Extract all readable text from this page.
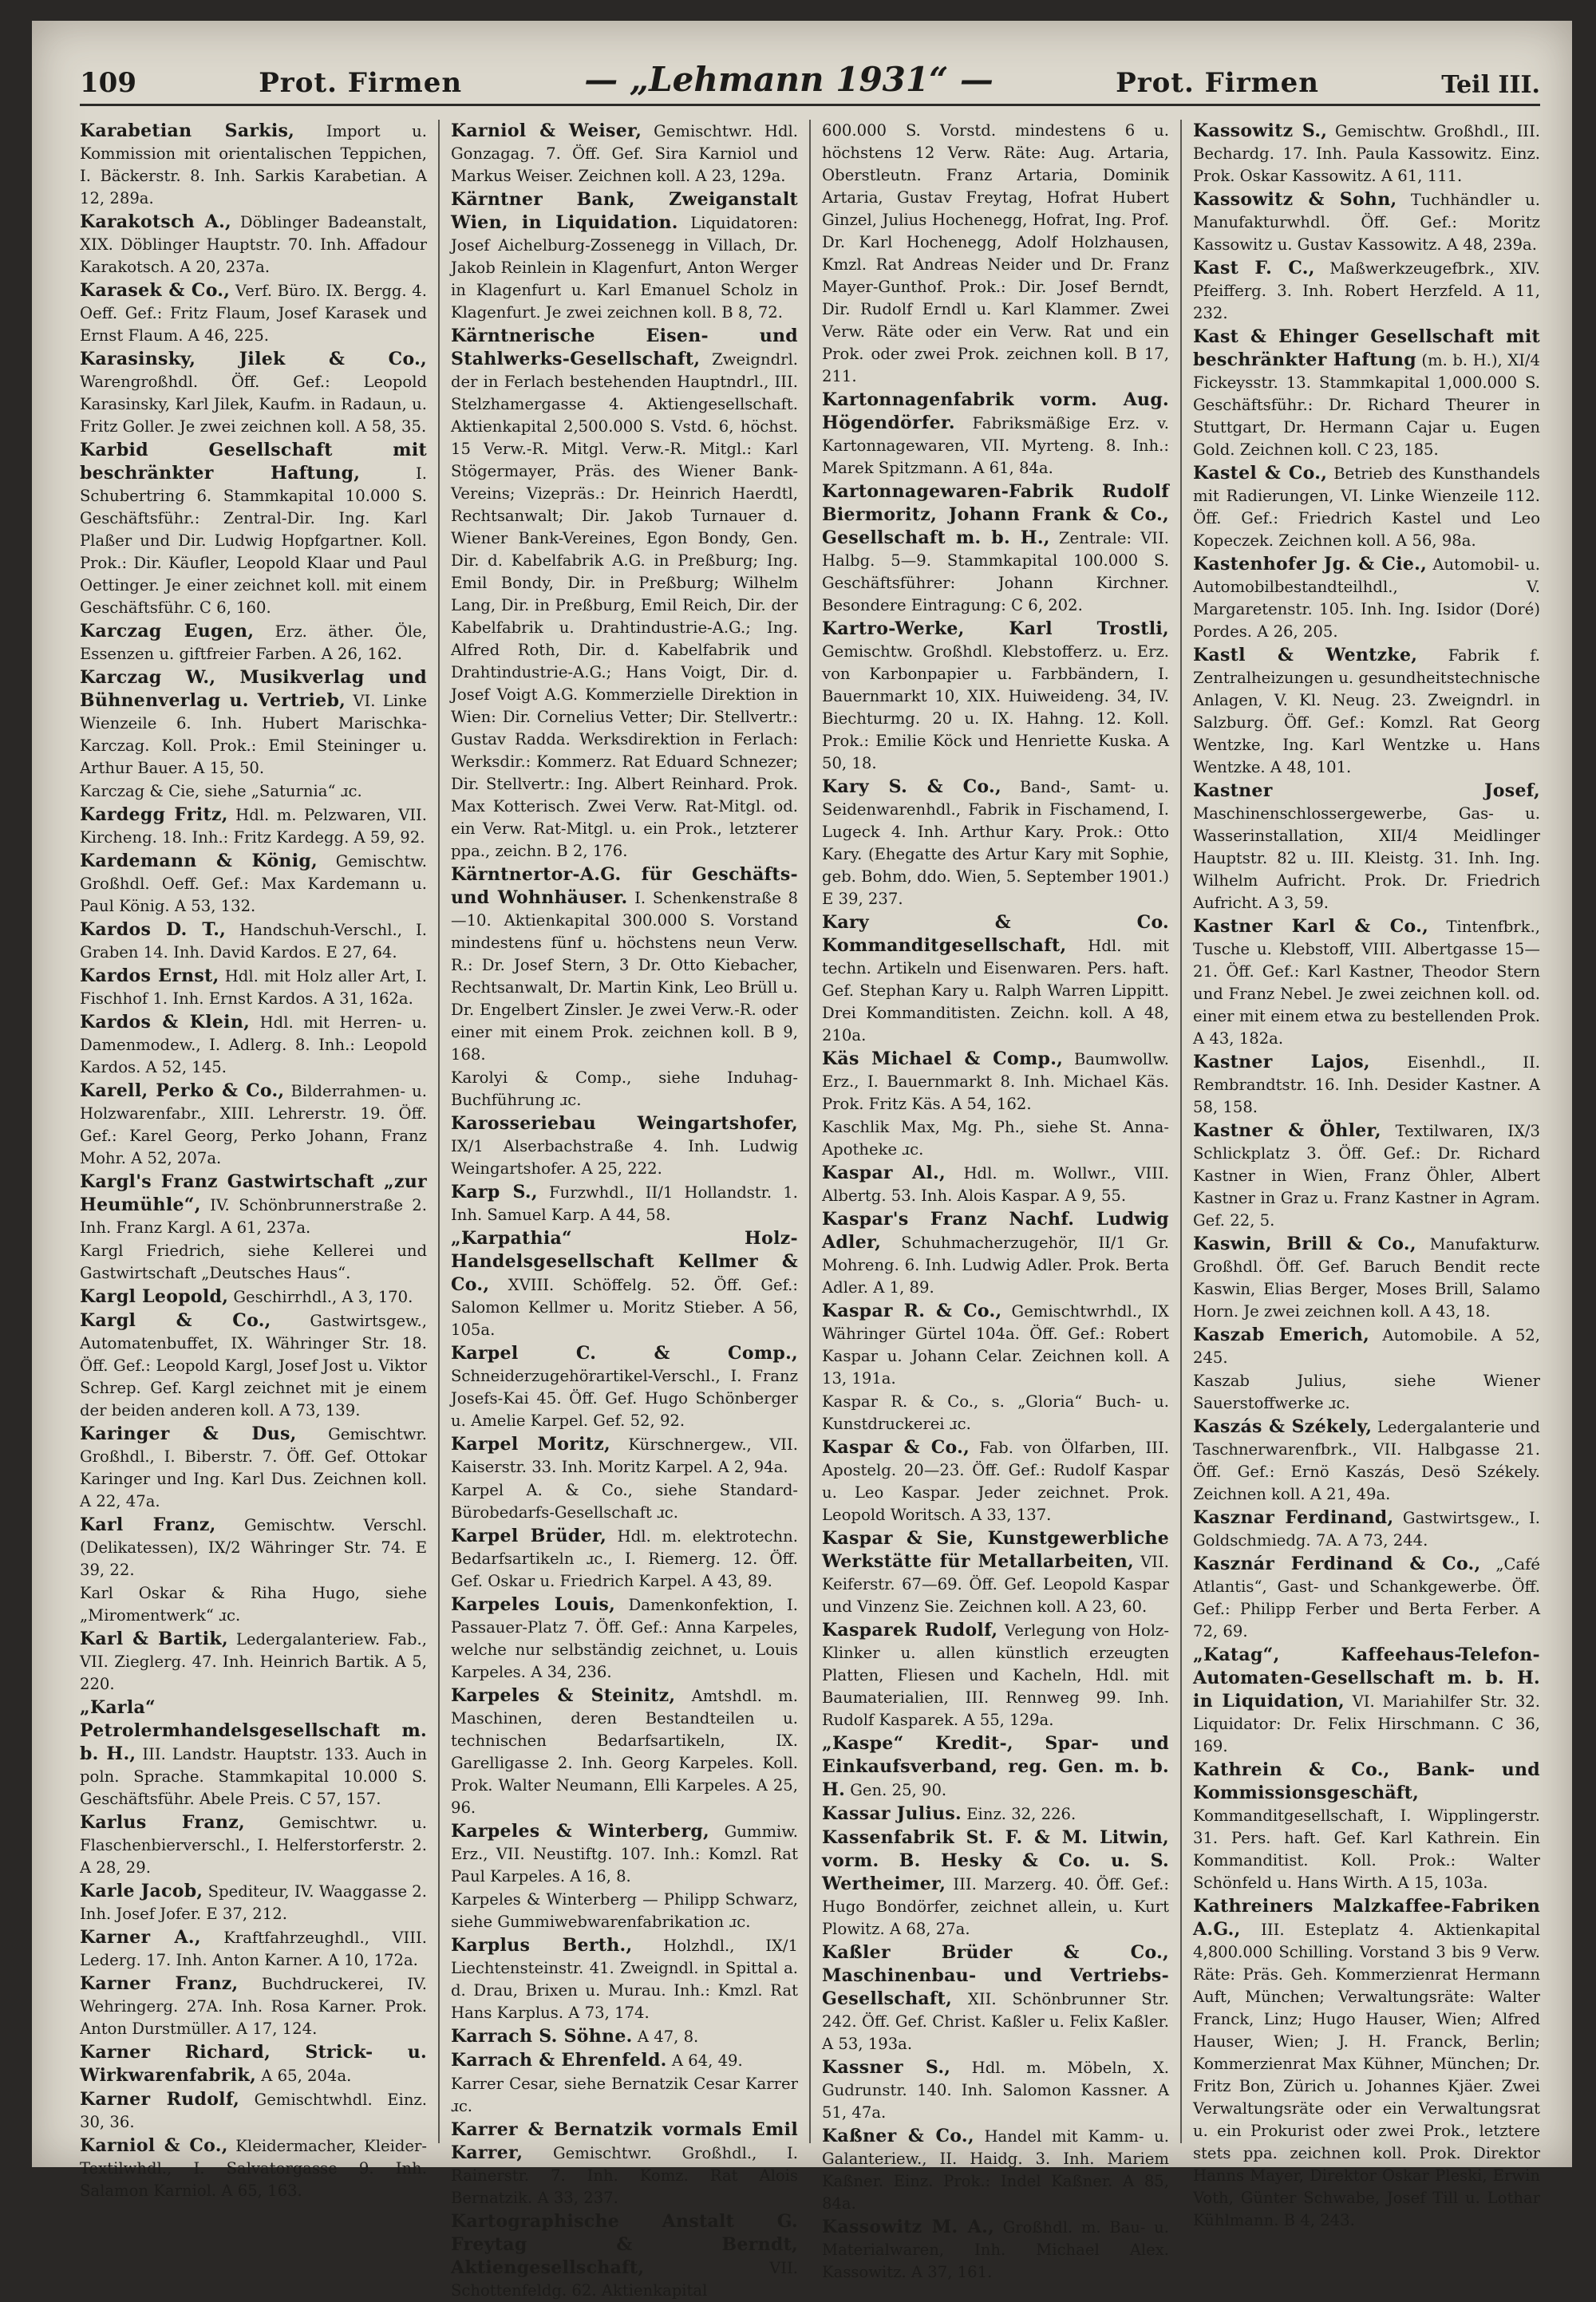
109	Prot. Firmen	— „Lehmann 1931“ —	Prot. Firmen	Teil III.

Karabetian Sarkis, Import u. Kommission mit orientalischen Teppichen, I. Bäckerstr. 8. Inh. Sarkis Karabetian. A 12, 289a.

Karakotsch A., Döblinger Badeanstalt, XIX. Döblinger Hauptstr. 70. Inh. Affadour Karakotsch. A 20, 237a.

Karasek & Co., Verf. Büro. IX. Bergg. 4. Oeff. Gef.: Fritz Flaum, Josef Karasek und Ernst Flaum. A 46, 225.

Karasinsky, Jilek & Co., Warengroßhdl. Öff. Gef.: Leopold Karasinsky, Karl Jilek, Kaufm. in Radaun, u. Fritz Goller. Je zwei zeichnen koll. A 58, 35.

Karbid Gesellschaft mit beschränkter Haftung,	I. Schubertring 6. Stammkapital 10.000 S. Geschäftsführ.: Zentral-Dir. Ing. Karl Plaßer und Dir. Ludwig Hopfgartner. Koll. Prok.: Dir. Käufler, Leopold Klaar und Paul Oettinger. Je einer zeichnet koll. mit einem Geschäftsführ. C 6, 160.

Karczag Eugen, Erz. äther. Öle, Essenzen u. giftfreier Farben. A 26, 162.

Karczag W., Musikverlag und Bühnenverlag u. Vertrieb, VI. Linke Wienzeile 6. Inh. Hubert Marischka-Karczag. Koll. Prok.: Emil Steininger u. Arthur Bauer. A 15, 50.

Karczag & Cie, siehe „Saturnia“ ɹc.

Kardegg Fritz, Hdl. m. Pelzwaren, VII. Kircheng. 18. Inh.: Fritz Kardegg. A 59, 92.

Kardemann & König, Gemischtw. Großhdl. Oeff. Gef.: Max Kardemann u. Paul König. A 53, 132.

Kardos D. T., Handschuh-Verschl., I. Graben 14. Inh. David Kardos. E 27, 64.

Kardos Ernst, Hdl. mit Holz aller Art, I. Fischhof 1. Inh. Ernst Kardos. A 31, 162a.

Kardos & Klein, Hdl. mit Herren- u. Damenmodew., I. Adlerg. 8. Inh.: Leopold Kardos. A 52, 145.

Karell, Perko & Co., Bilderrahmen- u. Holzwarenfabr., XIII. Lehrerstr. 19. Öff. Gef.: Karel Georg, Perko Johann, Franz Mohr. A 52, 207a.

Kargl's Franz Gastwirtschaft „zur Heumühle“, IV. Schönbrunnerstraße 2. Inh. Franz Kargl. A 61, 237a.

Kargl Friedrich, siehe Kellerei und Gastwirtschaft „Deutsches Haus“.

Kargl Leopold, Geschirrhdl., A 3, 170.

Kargl & Co., Gastwirtsgew., Automatenbuffet, IX. Währinger Str. 18. Öff. Gef.: Leopold Kargl, Josef Jost u. Viktor Schrep. Gef. Kargl zeichnet mit je einem der beiden anderen koll. A 73, 139.

Karinger & Dus, Gemischtwr. Großhdl., I. Biberstr. 7. Öff. Gef. Ottokar Karinger und Ing. Karl Dus. Zeichnen koll. A 22, 47a.

Karl Franz, Gemischtw. Verschl. (Delikatessen), IX/2 Währinger Str. 74. E 39, 22.

Karl Oskar & Riha Hugo, siehe „Miromentwerk“ ɹc.

Karl & Bartik, Ledergalanteriew. Fab., VII. Zieglerg. 47. Inh. Heinrich Bartik. A 5, 220.

„Karla“ Petrolermhandelsgesellschaft m. b. H., III. Landstr. Hauptstr. 133. Auch in poln. Sprache. Stammkapital 10.000 S. Geschäftsführ. Abele Preis. C 57, 157.

Karlus Franz, Gemischtwr. u. Flaschenbierverschl., I. Helferstorferstr. 2. A 28, 29.

Karle Jacob, Spediteur, IV. Waaggasse 2. Inh. Josef Jofer. E 37, 212.

Karner A., Kraftfahrzeughdl., VIII. Lederg. 17. Inh. Anton Karner. A 10, 172a.

Karner Franz, Buchdruckerei, IV. Wehringerg. 27A. Inh. Rosa Karner. Prok. Anton Durstmüller. A 17, 124.

Karner Richard, Strick- u. Wirkwarenfabrik, A 65, 204a.

Karner Rudolf, Gemischtwhdl. Einz. 30, 36.

Karniol & Co., Kleidermacher, Kleider-Textilwhdl., I. Salvatorgasse 9. Inh. Salamon Karniol. A 65, 163.

Karniol & Weiser, Gemischtwr. Hdl. Gonzagag. 7. Öff. Gef. Sira Karniol und Markus Weiser. Zeichnen koll. A 23, 129a.

Kärntner Bank, Zweiganstalt Wien, in Liquidation. Liquidatoren: Josef Aichelburg-Zossenegg in Villach, Dr. Jakob Reinlein in Klagenfurt, Anton Werger in Klagenfurt u. Karl Emanuel Scholz in Klagenfurt. Je zwei zeichnen koll. B 8, 72.

Kärntnerische Eisen- und Stahlwerks-Gesellschaft, Zweigndrl. der in Ferlach bestehenden Hauptndrl., III. Stelzhamergasse 4. Aktiengesellschaft. Aktienkapital 2,500.000 S. Vstd. 6, höchst. 15 Verw.-R. Mitgl. Verw.-R. Mitgl.: Karl Stögermayer, Präs. des Wiener Bank-Vereins; Vizepräs.: Dr. Heinrich Haerdtl, Rechtsanwalt; Dir. Jakob Turnauer d. Wiener Bank-Vereines, Egon Bondy, Gen. Dir. d. Kabelfabrik A.G. in Preßburg; Ing. Emil Bondy, Dir. in Preßburg; Wilhelm Lang, Dir. in Preßburg, Emil Reich, Dir. der Kabelfabrik u. Drahtindustrie-A.G.; Ing. Alfred Roth, Dir. d. Kabelfabrik und Drahtindustrie-A.G.; Hans Voigt, Dir. d. Josef Voigt A.G. Kommerzielle Direktion in Wien: Dir. Cornelius Vetter; Dir. Stellvertr.: Gustav Radda. Werksdirektion in Ferlach: Werksdir.: Kommerz. Rat Eduard Schnezer; Dir. Stellvertr.: Ing. Albert Reinhard. Prok. Max Kotterisch. Zwei Verw. Rat-Mitgl. od. ein Verw. Rat-Mitgl. u. ein Prok., letzterer ppa., zeichn. B 2, 176.

Kärntnertor-A.G. für Geschäfts- und Wohnhäuser. I. Schenkenstraße 8—10. Aktienkapital 300.000 S. Vorstand mindestens fünf u. höchstens neun Verw. R.: Dr. Josef Stern, 3 Dr. Otto Kiebacher, Rechtsanwalt, Dr. Martin Kink, Leo Brüll u. Dr. Engelbert Zinsler. Je zwei Verw.-R. oder einer mit einem Prok. zeichnen koll. B 9, 168.

Karolyi & Comp., siehe Induhag-Buchführung ɹc.

Karosseriebau Weingartshofer, IX/1 Alserbachstraße 4. Inh. Ludwig Weingartshofer. A 25, 222.

Karp S., Furzwhdl., II/1 Hollandstr. 1. Inh. Samuel Karp. A 44, 58.

„Karpathia“ Holz-Handelsgesellschaft Kellmer & Co., XVIII. Schöffelg. 52. Öff. Gef.: Salomon Kellmer u. Moritz Stieber. A 56, 105a.

Karpel C. & Comp., Schneiderzugehörartikel-Verschl., I. Franz Josefs-Kai 45. Öff. Gef. Hugo Schönberger u. Amelie Karpel. Gef. 52, 92.

Karpel Moritz, Kürschnergew., VII. Kaiserstr. 33. Inh. Moritz Karpel. A 2, 94a.

Karpel A. & Co., siehe Standard-Bürobedarfs-Gesellschaft ɹc.

Karpel Brüder, Hdl. m. elektrotechn. Bedarfsartikeln ɹc., I. Riemerg. 12. Öff. Gef. Oskar u. Friedrich Karpel. A 43, 89.

Karpeles Louis, Damenkonfektion, I. Passauer-Platz 7. Öff. Gef.: Anna Karpeles, welche nur selbständig zeichnet, u. Louis Karpeles. A 34, 236.

Karpeles & Steinitz, Amtshdl. m. Maschinen, deren Bestandteilen u. technischen Bedarfsartikeln, IX. Garelligasse 2. Inh. Georg Karpeles. Koll. Prok. Walter Neumann, Elli Karpeles. A 25, 96.

Karpeles & Winterberg, Gummiw. Erz., VII. Neustiftg. 107. Inh.: Komzl. Rat Paul Karpeles. A 16, 8.

Karpeles & Winterberg — Philipp Schwarz, siehe Gummiwebwarenfabrikation ɹc.

Karplus Berth., Holzhdl., IX/1 Liechtensteinstr. 41. Zweigndl. in Spittal a. d. Drau, Brixen u. Murau. Inh.: Kmzl. Rat Hans Karplus. A 73, 174.

Karrach S. Söhne. A 47, 8.

Karrach & Ehrenfeld. A 64, 49.

Karrer Cesar, siehe Bernatzik Cesar Karrer ɹc.

Karrer & Bernatzik vormals Emil Karrer, Gemischtwr. Großhdl., I. Rainerstr. 7. Inh. Komz. Rat Alois Bernatzik. A 33, 237.

Kartographische Anstalt G. Freytag & Berndt, Aktiengesellschaft,	VII. Schottenfeldg. 62. Aktienkapital

600.000 S. Vorstd. mindestens 6 u. höchstens 12 Verw. Räte: Aug. Artaria, Oberstleutn. Franz Artaria, Dominik Artaria, Gustav Freytag, Hofrat Hubert Ginzel, Julius Hochenegg, Hofrat, Ing. Prof. Dr. Karl Hochenegg, Adolf Holzhausen, Kmzl. Rat Andreas Neider und Dr. Franz Mayer-Gunthof. Prok.: Dir. Josef Berndt, Dir. Rudolf Erndl u. Karl Klammer. Zwei Verw. Räte oder ein Verw. Rat und ein Prok. oder zwei Prok. zeichnen koll. B 17, 211.

Kartonnagenfabrik vorm. Aug. Högendörfer. Fabriksmäßige Erz. v. Kartonnagewaren, VII. Myrteng. 8. Inh.: Marek Spitzmann. A 61, 84a.

Kartonnagewaren-Fabrik Rudolf Biermoritz, Johann Frank & Co., Gesellschaft m. b. H., Zentrale: VII. Halbg. 5—9. Stammkapital 100.000 S. Geschäftsführer: Johann Kirchner. Besondere Eintragung: C 6, 202.

Kartro-Werke, Karl Trostli, Gemischtw. Großhdl. Klebstofferz. u. Erz. von Karbonpapier u. Farbbändern, I. Bauernmarkt 10, XIX. Huiweideng. 34, IV. Biechturmg. 20 u. IX. Hahng. 12. Koll. Prok.: Emilie Köck und Henriette Kuska. A 50, 18.

Kary S. & Co., Band-, Samt- u. Seidenwarenhdl., Fabrik in Fischamend, I. Lugeck 4. Inh. Arthur Kary. Prok.: Otto Kary. (Ehegatte des Artur Kary mit Sophie, geb. Bohm, ddo. Wien, 5. September 1901.) E 39, 237.

Kary & Co. Kommanditgesellschaft, Hdl. mit techn. Artikeln und Eisenwaren. Pers. haft. Gef. Stephan Kary u. Ralph Warren Lippitt. Drei Kommanditisten. Zeichn. koll. A 48, 210a.

Käs Michael & Comp., Baumwollw. Erz., I. Bauernmarkt 8. Inh. Michael Käs. Prok. Fritz Käs. A 54, 162.

Kaschlik Max, Mg. Ph., siehe St. Anna-Apotheke ɹc.

Kaspar Al., Hdl. m. Wollwr., VIII. Albertg. 53. Inh. Alois Kaspar. A 9, 55.

Kaspar's Franz Nachf. Ludwig Adler, Schuhmacherzugehör, II/1 Gr. Mohreng. 6. Inh. Ludwig Adler. Prok. Berta Adler. A 1, 89.

Kaspar R. & Co., Gemischtwrhdl., IX Währinger Gürtel 104a. Öff. Gef.: Robert Kaspar u. Johann Celar. Zeichnen koll. A 13, 191a.

Kaspar R. & Co., s. „Gloria“ Buch- u. Kunstdruckerei ɹc.

Kaspar & Co., Fab. von Ölfarben, III. Apostelg. 20—23. Öff. Gef.: Rudolf Kaspar u. Leo Kaspar. Jeder zeichnet. Prok. Leopold Woritsch. A 33, 137.

Kaspar & Sie, Kunstgewerbliche Werkstätte für Metallarbeiten, VII. Keiferstr. 67—69. Öff. Gef. Leopold Kaspar und Vinzenz Sie. Zeichnen koll. A 23, 60.

Kasparek Rudolf, Verlegung von Holz-Klinker u. allen künstlich erzeugten Platten, Fliesen und Kacheln, Hdl. mit Baumaterialien, III. Rennweg 99. Inh. Rudolf Kasparek. A 55, 129a.

„Kaspe“ Kredit-, Spar- und Einkaufsverband, reg. Gen. m. b. H. Gen. 25, 90.

Kassar Julius. Einz. 32, 226.

Kassenfabrik St. F. & M. Litwin, vorm. B. Hesky & Co. u. S. Wertheimer, III. Marzerg. 40. Öff. Gef.: Hugo Bondörfer, zeichnet allein, u. Kurt Plowitz. A 68, 27a.

Kaßler Brüder & Co., Maschinenbau- und Vertriebs-Gesellschaft, XII. Schönbrunner Str. 242. Öff. Gef. Christ. Kaßler u. Felix Kaßler. A 53, 193a.

Kassner S., Hdl. m. Möbeln, X. Gudrunstr. 140. Inh. Salomon Kassner. A 51, 47a.

Kaßner & Co., Handel mit Kamm- u. Galanteriew., II. Haidg. 3. Inh. Mariem Kaßner. Einz. Prok.: Indel Kaßner. A 85, 84a.

Kassowitz M. A., Großhdl. m. Bau- u. Materialwaren, Inh. Michael Alex. Kassowitz. A 37, 161.

Kassowitz S., Gemischtw. Großhdl., III. Bechardg. 17. Inh. Paula Kassowitz. Einz. Prok. Oskar Kassowitz. A 61, 111.

Kassowitz & Sohn, Tuchhändler u. Manufakturwhdl. Öff. Gef.: Moritz Kassowitz u. Gustav Kassowitz. A 48, 239a.

Kast F. C., Maßwerkzeugefbrk., XIV. Pfeifferg. 3. Inh. Robert Herzfeld. A 11, 232.

Kast & Ehinger Gesellschaft mit beschränkter Haftung (m. b. H.), XI/4 Fickeysstr. 13. Stammkapital 1,000.000 S. Geschäftsführ.: Dr. Richard Theurer in Stuttgart, Dr. Hermann Cajar u. Eugen Gold. Zeichnen koll. C 23, 185.

Kastel & Co., Betrieb des Kunsthandels mit Radierungen, VI. Linke Wienzeile 112. Öff. Gef.: Friedrich Kastel und Leo Kopeczek. Zeichnen koll. A 56, 98a.

Kastenhofer Jg. & Cie., Automobil- u. Automobilbestandteilhdl., V. Margaretenstr. 105. Inh. Ing. Isidor (Doré) Pordes. A 26, 205.

Kastl & Wentzke, Fabrik f. Zentralheizungen u. gesundheitstechnische Anlagen, V. Kl. Neug. 23. Zweigndrl. in Salzburg. Öff. Gef.: Komzl. Rat Georg Wentzke, Ing. Karl Wentzke u. Hans Wentzke. A 48, 101.

Kastner Josef, Maschinenschlossergewerbe, Gas- u. Wasserinstallation, XII/4 Meidlinger Hauptstr. 82 u. III. Kleistg. 31. Inh. Ing. Wilhelm Aufricht. Prok. Dr. Friedrich Aufricht. A 3, 59.

Kastner Karl & Co., Tintenfbrk., Tusche u. Klebstoff, VIII. Albertgasse 15—21. Öff. Gef.: Karl Kastner, Theodor Stern und Franz Nebel. Je zwei zeichnen koll. od. einer mit einem etwa zu bestellenden Prok. A 43, 182a.

Kastner Lajos, Eisenhdl., II. Rembrandtstr. 16. Inh. Desider Kastner. A 58, 158.

Kastner & Öhler, Textilwaren, IX/3 Schlickplatz 3. Öff. Gef.: Dr. Richard Kastner in Wien, Franz Öhler, Albert Kastner in Graz u. Franz Kastner in Agram. Gef. 22, 5.

Kaswin, Brill & Co., Manufakturw. Großhdl. Öff. Gef. Baruch Bendit recte Kaswin, Elias Berger, Moses Brill, Salamo Horn. Je zwei zeichnen koll. A 43, 18.

Kaszab Emerich, Automobile. A 52, 245.

Kaszab Julius, siehe Wiener Sauerstoffwerke ɹc.

Kaszás & Székely, Ledergalanterie und Taschnerwarenfbrk., VII. Halbgasse 21. Öff. Gef.: Ernö Kaszás, Desö Székely. Zeichnen koll. A 21, 49a.

Kasznar Ferdinand, Gastwirtsgew., I. Goldschmiedg. 7A. A 73, 244.

Kasznár Ferdinand & Co., „Café Atlantis“, Gast- und Schankgewerbe. Öff. Gef.: Philipp Ferber und Berta Ferber. A 72, 69.

„Katag“, Kaffeehaus-Telefon-Automaten-Gesellschaft m. b. H. in Liquidation, VI. Mariahilfer Str. 32. Liquidator: Dr. Felix Hirschmann. C 36, 169.

Kathrein & Co., Bank- und Kommissionsgeschäft, Kommanditgesellschaft, I. Wipplingerstr. 31. Pers. haft. Gef. Karl Kathrein. Ein Kommanditist. Koll. Prok.: Walter Schönfeld u. Hans Wirth. A 15, 103a.

Kathreiners Malzkaffee-Fabriken A.G., III. Esteplatz 4. Aktienkapital 4,800.000 Schilling. Vorstand 3 bis 9 Verw. Räte: Präs. Geh. Kommerzienrat Hermann Auft, München; Verwaltungsräte: Walter Franck, Linz; Hugo Hauser, Wien; Alfred Hauser, Wien; J. H. Franck, Berlin; Kommerzienrat Max Kühner, München; Dr. Fritz Bon, Zürich u. Johannes Kjäer. Zwei Verwaltungsräte oder ein Verwaltungsrat u. ein Prokurist oder zwei Prok., letztere stets ppa. zeichnen koll. Prok. Direktor Hanns Mayer, Direktor Oskar Pleski, Erwin Voth, Günter Schwabe, Josef Till u. Lothar Kühlmann. B 4, 243.
